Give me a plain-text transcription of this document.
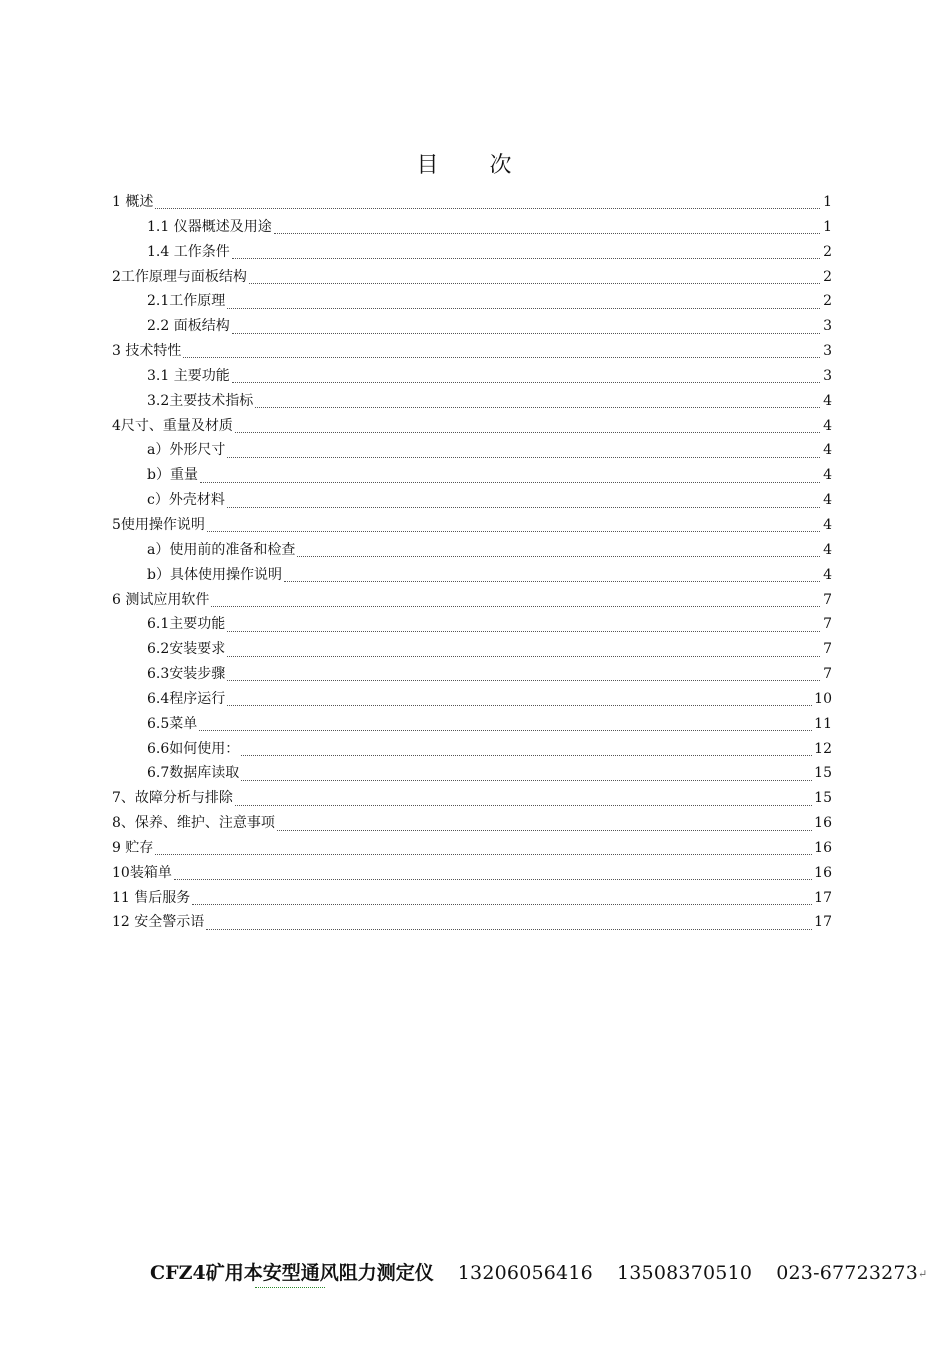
目 次
1 概述	1
1.1 仪器概述及用途	1
1.4 工作条件	2
2工作原理与面板结构	2
2.1工作原理	2
2.2 面板结构	3
3 技术特性	3
3.1 主要功能	3
3.2主要技术指标	4
4尺寸、重量及材质	4
a）外形尺寸	4
b）重量	4
c）外壳材料	4
5使用操作说明	4
a）使用前的准备和检查	4
b）具体使用操作说明	4
6 测试应用软件	7
6.1主要功能	7
6.2安装要求	7
6.3安装步骤	7
6.4程序运行	10
6.5菜单	11
6.6如何使用：	12
6.7数据库读取	15
7、故障分析与排除	15
8、保养、维护、注意事项	16
9 贮存	16
10装箱单	16
11 售后服务	17
12 安全警示语	17
CFZ4矿用本安型通风阻力测定仪 13206056416 13508370510 023-67723273↵
